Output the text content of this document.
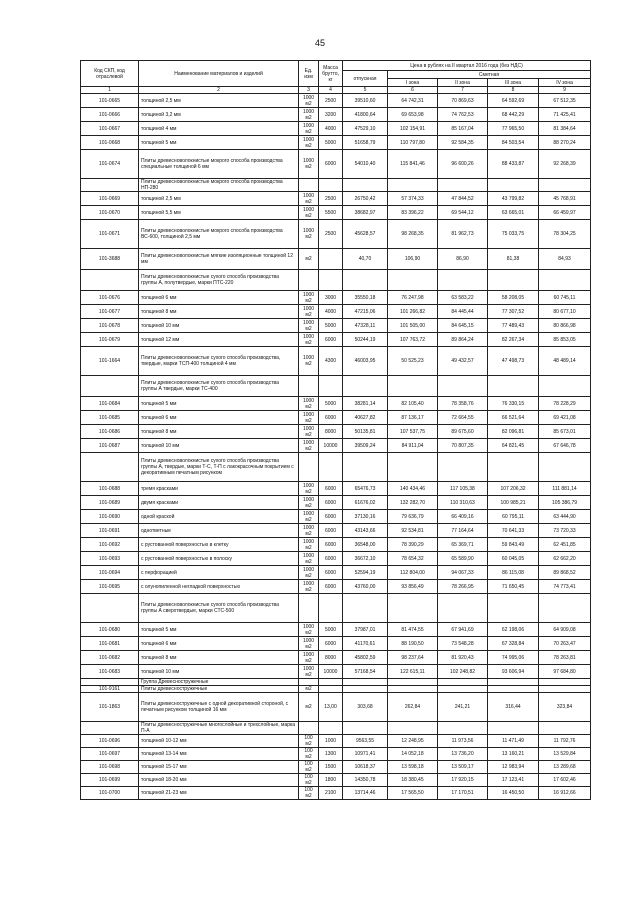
45
Код СКП, код отраслевой	Наименование материалов и изделий	Ед. изм	Масса брутто, кг	Цена в рублях на II квартал 2016 года (без НДС)				
				отпускная	Сметная			
					I зона	II зона	III зона	IV зона
1	2	3	4	5	6	7	8	9
101-0665	толщиной 2,5 мм	1000 м2	2500	39510,60	64 742,31	70 869,63	64 592,69	67 512,35
101-0666	толщиной 3,2 мм	1000 м2	3200	41800,64	69 653,98	74 762,53	68 442,29	71 425,41
101-0667	толщиной 4 мм	1000 м2	4000	47529,10	102 154,91	85 167,04	77 965,50	81 384,64
101-0668	толщиной 5 мм	1000 м2	5000	51658,79	110 797,80	92 584,35	84 503,54	88 270,24
101-0674	Плиты древесноволокнистые мокрого способа производства специальные толщиной 6 мм	1000 м2	6000	54010,40	115 841,46	96 600,26	88 433,87	92 268,39
	Плиты древесноволокнистые мокрого способа производства НП-280							
101-0669	толщиной 2,5 мм	1000 м2	2500	26750,42	57 374,33	47 844,52	43 799,82	45 768,91
101-0670	толщиной 5,5 мм	1000 м2	5500	38682,97	83 396,22	69 544,12	63 665,01	66 459,97
101-0671	Плиты древесноволокнистые мокрого способа производства ВС-600, толщиной 2,5 мм	1000 м2	2500	45628,57	98 268,35	81 962,73	75 033,75	78 304,25
101-3688	Плиты древесноволокнистые мягкие изоляционные толщиной 12 мм	м2		40,70	106,90	86,90	81,38	84,93
	Плиты древесноволокнистые сухого способа производства группы А, полутвердые, марки ПТС-220							
101-0676	толщиной 6 мм	1000 м2	3000	35550,18	76 247,98	63 583,22	58 208,05	60 745,11
101-0677	толщиной 8 мм	1000 м2	4000	47215,06	101 266,82	84 445,44	77 307,52	80 677,10
101-0678	толщиной 10 мм	1000 м2	5000	47328,11	101 505,00	84 645,15	77 489,43	80 866,98
101-0679	толщиной 12 мм	1000 м2	6000	50244,19	107 763,72	89 864,24	82 267,34	85 853,05
101-1664	Плиты древесноволокнистые сухого способа производства, твердые, марки ТСП-400 толщиной 4 мм	1000 м2	4300	46003,95	50 525,23	49 432,57	47 498,73	48 489,14
	Плиты древесноволокнистые сухого способа производства группы А твердые, марки ТС-400							
101-0684	толщиной 5 мм	1000 м2	5000	38281,14	82 105,40	78 358,76	76 330,15	78 228,29
101-0685	толщиной 6 мм	1000 м2	6000	40627,82	87 136,17	72 664,55	66 521,64	69 421,08
101-0686	толщиной 8 мм	1000 м2	8000	50135,81	107 537,75	89 675,60	82 096,81	85 673,01
101-0687	толщиной 10 мм	1000 м2	10000	39509,24	84 911,04	70 807,35	64 821,45	67 646,78
	Плиты древесноволокнистые сухого способа производства группы А, твердые, марки Т-С, Т-П с лакокрасочным покрытием с декоративным печатным рисунком							
101-0688	тремя красками	1000 м2	6000	65476,73	140 434,46	117 105,38	107 206,32	111 881,14
101-0689	двумя красками	1000 м2	6000	61676,02	132 282,70	110 310,63	100 985,21	105 386,79
101-0690	одной краской	1000 м2	6000	37130,16	79 636,79	66 409,16	60 795,11	63 444,90
101-0691	однответные	1000 м2	6000	43143,66	92 534,81	77 164,64	70 641,33	73 720,33
101-0692	с рустованной поверхностью в клетку	1000 м2	6000	36548,00	78 390,29	65 369,71	59 843,49	62 451,85
101-0693	с рустованной поверхностью в полоску	1000 м2	6000	36672,10	78 654,32	65 589,90	60 045,05	62 662,20
101-0694	с перфорацией	1000 м2	6000	52594,19	112 804,00	94 067,33	86 115,08	89 868,52
101-0695	с олунопиленной негладкой поверхностью	1000 м2	6000	43760,00	93 856,49	78 266,95	71 650,45	74 773,41
	Плиты древесноволокнистые сухого способа производства группы А сверхтвердые, марки СТС-500							
101-0680	толщиной 5 мм	1000 м2	5000	37987,01	81 474,55	67 941,69	62 198,06	64 909,08
101-0681	толщиной 6 мм	1000 м2	6000	41170,61	88 190,50	73 548,28	67 328,84	70 263,47
101-0682	толщиной 8 мм	1000 м2	8000	45802,59	98 237,64	81 920,43	74 995,06	78 263,81
101-0683	толщиной 10 мм	1000 м2	10000	57168,54	122 615,11	102 248,82	93 606,94	97 684,80
	Группа Древесностружечные							
101-9161	Плиты древесностружечные	м2						
101-1863	Плиты древесностружечные с одной декоративной стороной, с печатным рисунком толщиной 16 мм	м2	13,00	303,68	262,84	241,21	316,44	323,84
	Плиты древесностружечные многослойные и трехслойные, марка П-А							
101-0696	толщиной 10-12 мм	100 м2	1000	9563,55	12 248,95	11 973,56	11 471,49	11 792,76
101-0697	толщиной 13-14 мм	100 м2	1300	10971,41	14 052,18	13 736,20	13 160,21	13 529,84
101-0698	толщиной 15-17 мм	100 м2	1500	10618,37	13 598,18	13 509,17	12 983,94	13 289,68
101-0699	толщиной 18-20 мм	100 м2	1800	14350,78	18 380,45	17 920,15	17 123,41	17 602,46
101-0700	толщиной 21-23 мм	100 м2	2100	13714,46	17 565,50	17 170,51	16 450,50	16 912,66
